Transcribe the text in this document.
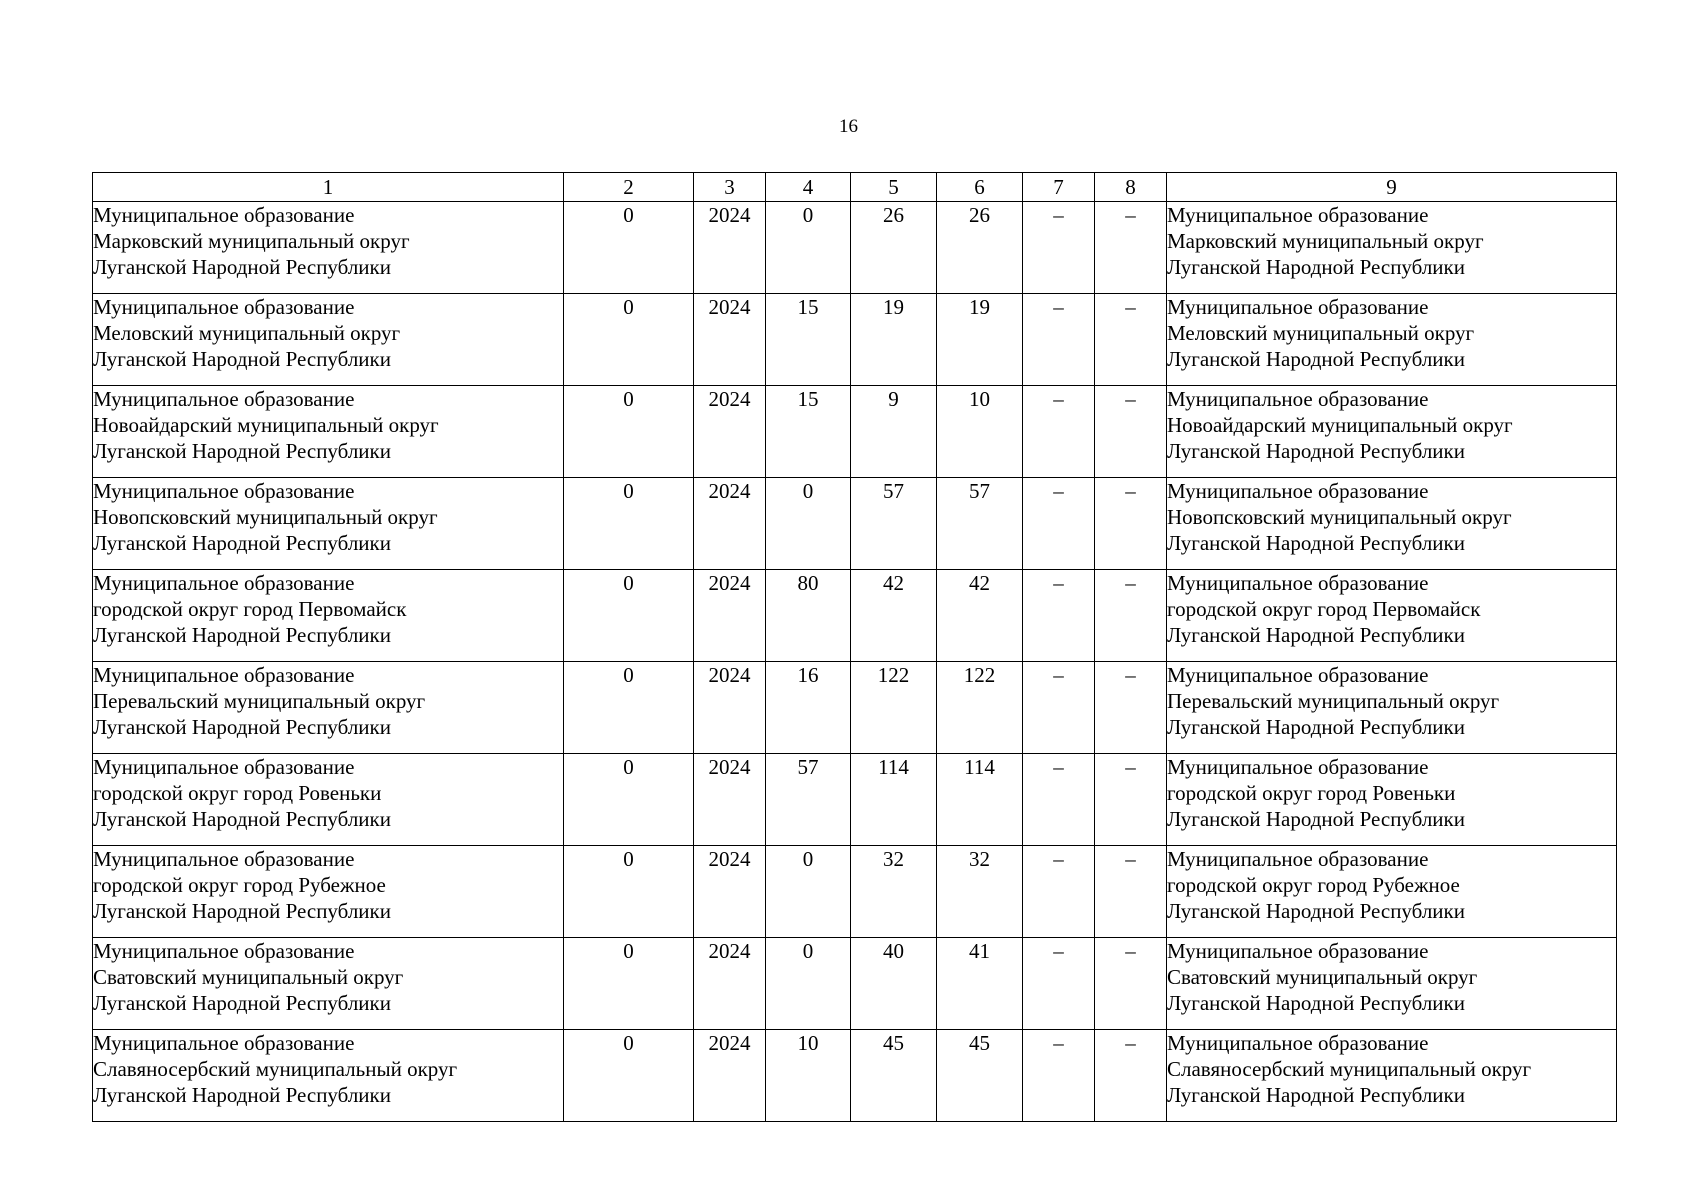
16
1	2	3	4	5	6	7	8	9

Муниципальное образование
Марковский муниципальный округ
Луганской Народной Республики	0	2024	0	26	26	–	–	Муниципальное образование
Марковский муниципальный округ
Луганской Народной Республики

Муниципальное образование
Меловский муниципальный округ
Луганской Народной Республики	0	2024	15	19	19	–	–	Муниципальное образование
Меловский муниципальный округ
Луганской Народной Республики

Муниципальное образование
Новоайдарский муниципальный округ
Луганской Народной Республики	0	2024	15	9	10	–	–	Муниципальное образование
Новоайдарский муниципальный округ
Луганской Народной Республики

Муниципальное образование
Новопсковский муниципальный округ
Луганской Народной Республики	0	2024	0	57	57	–	–	Муниципальное образование
Новопсковский муниципальный округ
Луганской Народной Республики

Муниципальное образование
городской округ город Первомайск
Луганской Народной Республики	0	2024	80	42	42	–	–	Муниципальное образование
городской округ город Первомайск
Луганской Народной Республики

Муниципальное образование
Перевальский муниципальный округ
Луганской Народной Республики	0	2024	16	122	122	–	–	Муниципальное образование
Перевальский муниципальный округ
Луганской Народной Республики

Муниципальное образование
городской округ город Ровеньки
Луганской Народной Республики	0	2024	57	114	114	–	–	Муниципальное образование
городской округ город Ровеньки
Луганской Народной Республики

Муниципальное образование
городской округ город Рубежное
Луганской Народной Республики	0	2024	0	32	32	–	–	Муниципальное образование
городской округ город Рубежное
Луганской Народной Республики

Муниципальное образование
Сватовский муниципальный округ
Луганской Народной Республики	0	2024	0	40	41	–	–	Муниципальное образование
Сватовский муниципальный округ
Луганской Народной Республики

Муниципальное образование
Славяносербский муниципальный округ
Луганской Народной Республики	0	2024	10	45	45	–	–	Муниципальное образование
Славяносербский муниципальный округ
Луганской Народной Республики
